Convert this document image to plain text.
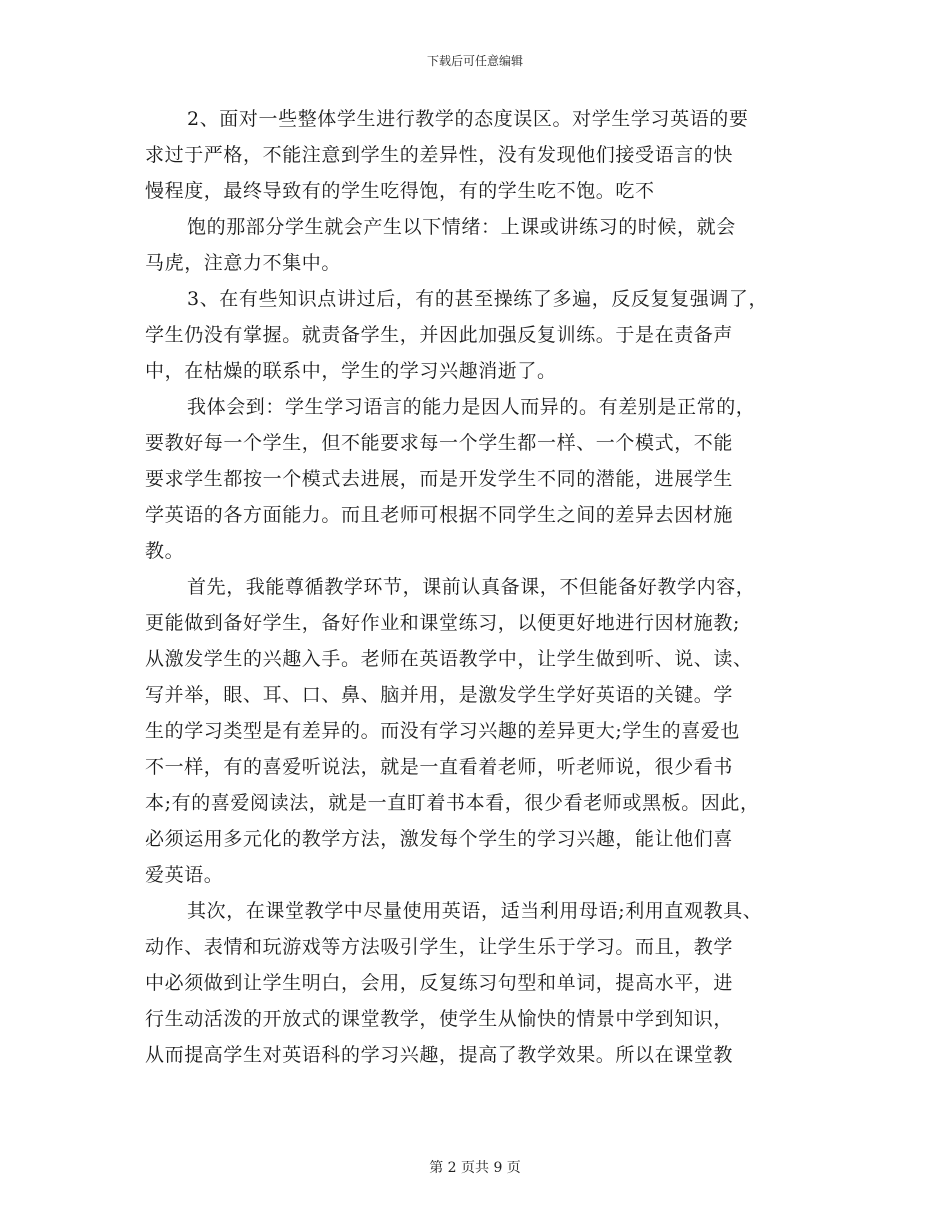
下载后可任意编辑
2、面对一些整体学生进行教学的态度误区。对学生学习英语的要
求过于严格，不能注意到学生的差异性，没有发现他们接受语言的快
慢程度，最终导致有的学生吃得饱，有的学生吃不饱。吃不
饱的那部分学生就会产生以下情绪：上课或讲练习的时候，就会
马虎，注意力不集中。
3、在有些知识点讲过后，有的甚至操练了多遍，反反复复强调了，
学生仍没有掌握。就责备学生，并因此加强反复训练。于是在责备声
中，在枯燥的联系中，学生的学习兴趣消逝了。
我体会到：学生学习语言的能力是因人而异的。有差别是正常的，
要教好每一个学生，但不能要求每一个学生都一样、一个模式，不能
要求学生都按一个模式去进展，而是开发学生不同的潜能，进展学生
学英语的各方面能力。而且老师可根据不同学生之间的差异去因材施
教。
首先，我能尊循教学环节，课前认真备课，不但能备好教学内容，
更能做到备好学生，备好作业和课堂练习，以便更好地进行因材施教;
从激发学生的兴趣入手。老师在英语教学中，让学生做到听、说、读、
写并举，眼、耳、口、鼻、脑并用，是激发学生学好英语的关键。学
生的学习类型是有差异的。而没有学习兴趣的差异更大;学生的喜爱也
不一样，有的喜爱听说法，就是一直看着老师，听老师说，很少看书
本;有的喜爱阅读法，就是一直盯着书本看，很少看老师或黑板。因此，
必须运用多元化的教学方法，激发每个学生的学习兴趣，能让他们喜
爱英语。
其次，在课堂教学中尽量使用英语，适当利用母语;利用直观教具、
动作、表情和玩游戏等方法吸引学生，让学生乐于学习。而且，教学
中必须做到让学生明白，会用，反复练习句型和单词，提高水平，进
行生动活泼的开放式的课堂教学，使学生从愉快的情景中学到知识，
从而提高学生对英语科的学习兴趣，提高了教学效果。所以在课堂教
第 2 页共 9 页
